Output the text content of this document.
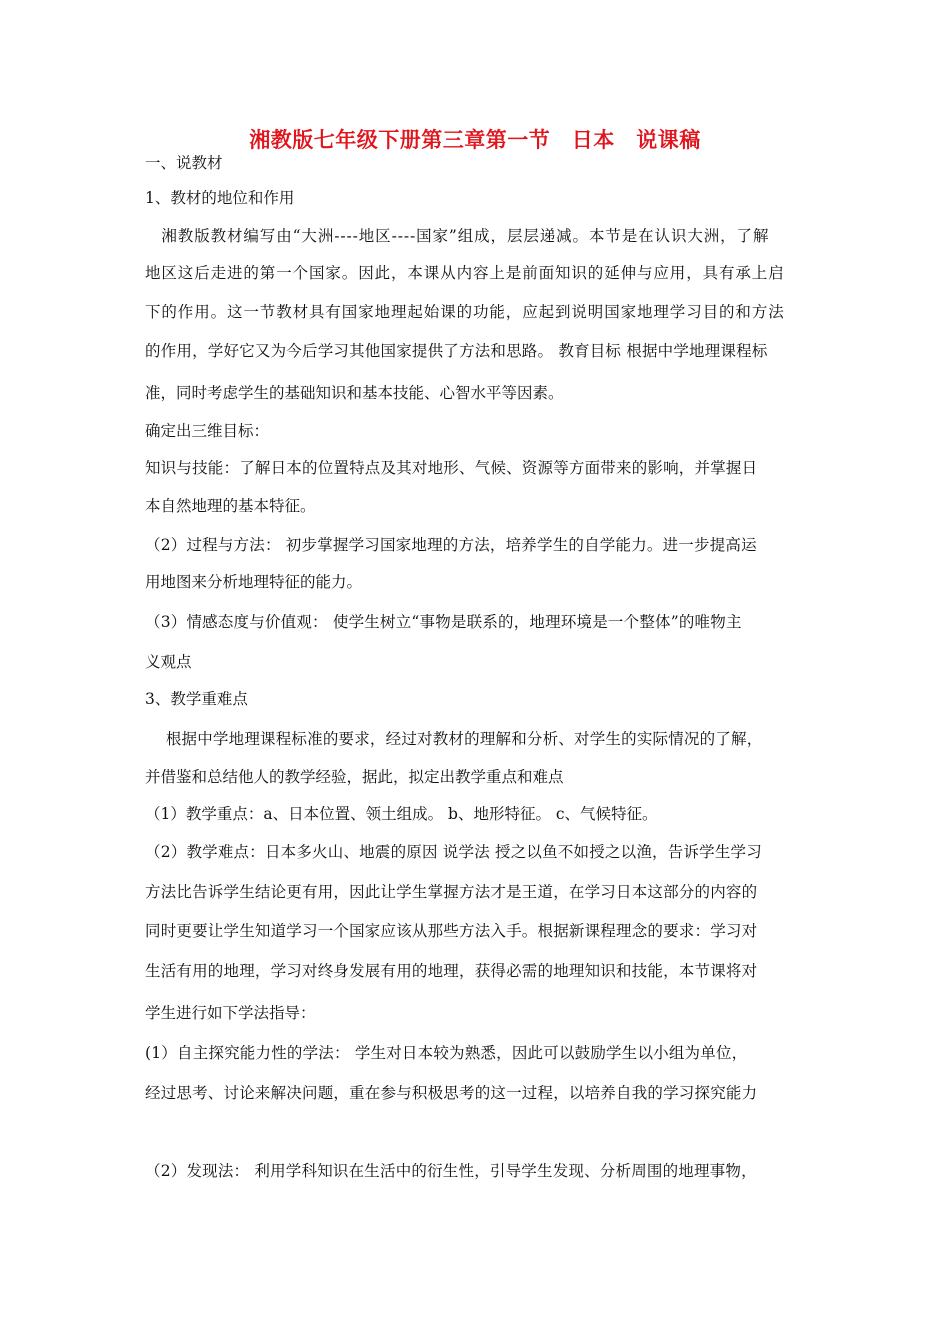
湘教版七年级下册第三章第一节　日本　说课稿
一、说教材
1、教材的地位和作用
　湘教版教材编写由“大洲----地区----国家”组成，层层递减。本节是在认识大洲，了解
地区这后走进的第一个国家。因此，本课从内容上是前面知识的延伸与应用，具有承上启
下的作用。这一节教材具有国家地理起始课的功能，应起到说明国家地理学习目的和方法
的作用，学好它又为今后学习其他国家提供了方法和思路。 教育目标 根据中学地理课程标
准，同时考虑学生的基础知识和基本技能、心智水平等因素。
确定出三维目标：
知识与技能：了解日本的位置特点及其对地形、气候、资源等方面带来的影响，并掌握日
本自然地理的基本特征。
（2）过程与方法： 初步掌握学习国家地理的方法，培养学生的自学能力。进一步提高运
用地图来分析地理特征的能力。
（3）情感态度与价值观： 使学生树立“事物是联系的，地理环境是一个整体”的唯物主
义观点
3、教学重难点
　 根据中学地理课程标准的要求，经过对教材的理解和分析、对学生的实际情况的了解，
并借鉴和总结他人的教学经验，据此，拟定出教学重点和难点
（1）教学重点：a、日本位置、领土组成。 b、地形特征。 c、气候特征。
（2）教学难点：日本多火山、地震的原因 说学法 授之以鱼不如授之以渔，告诉学生学习
方法比告诉学生结论更有用，因此让学生掌握方法才是王道，在学习日本这部分的内容的
同时更要让学生知道学习一个国家应该从那些方法入手。根据新课程理念的要求：学习对
生活有用的地理，学习对终身发展有用的地理，获得必需的地理知识和技能，本节课将对
学生进行如下学法指导：
(1）自主探究能力性的学法： 学生对日本较为熟悉，因此可以鼓励学生以小组为单位，
经过思考、讨论来解决问题，重在参与积极思考的这一过程，以培养自我的学习探究能力
（2）发现法： 利用学科知识在生活中的衍生性，引导学生发现、分析周围的地理事物，
